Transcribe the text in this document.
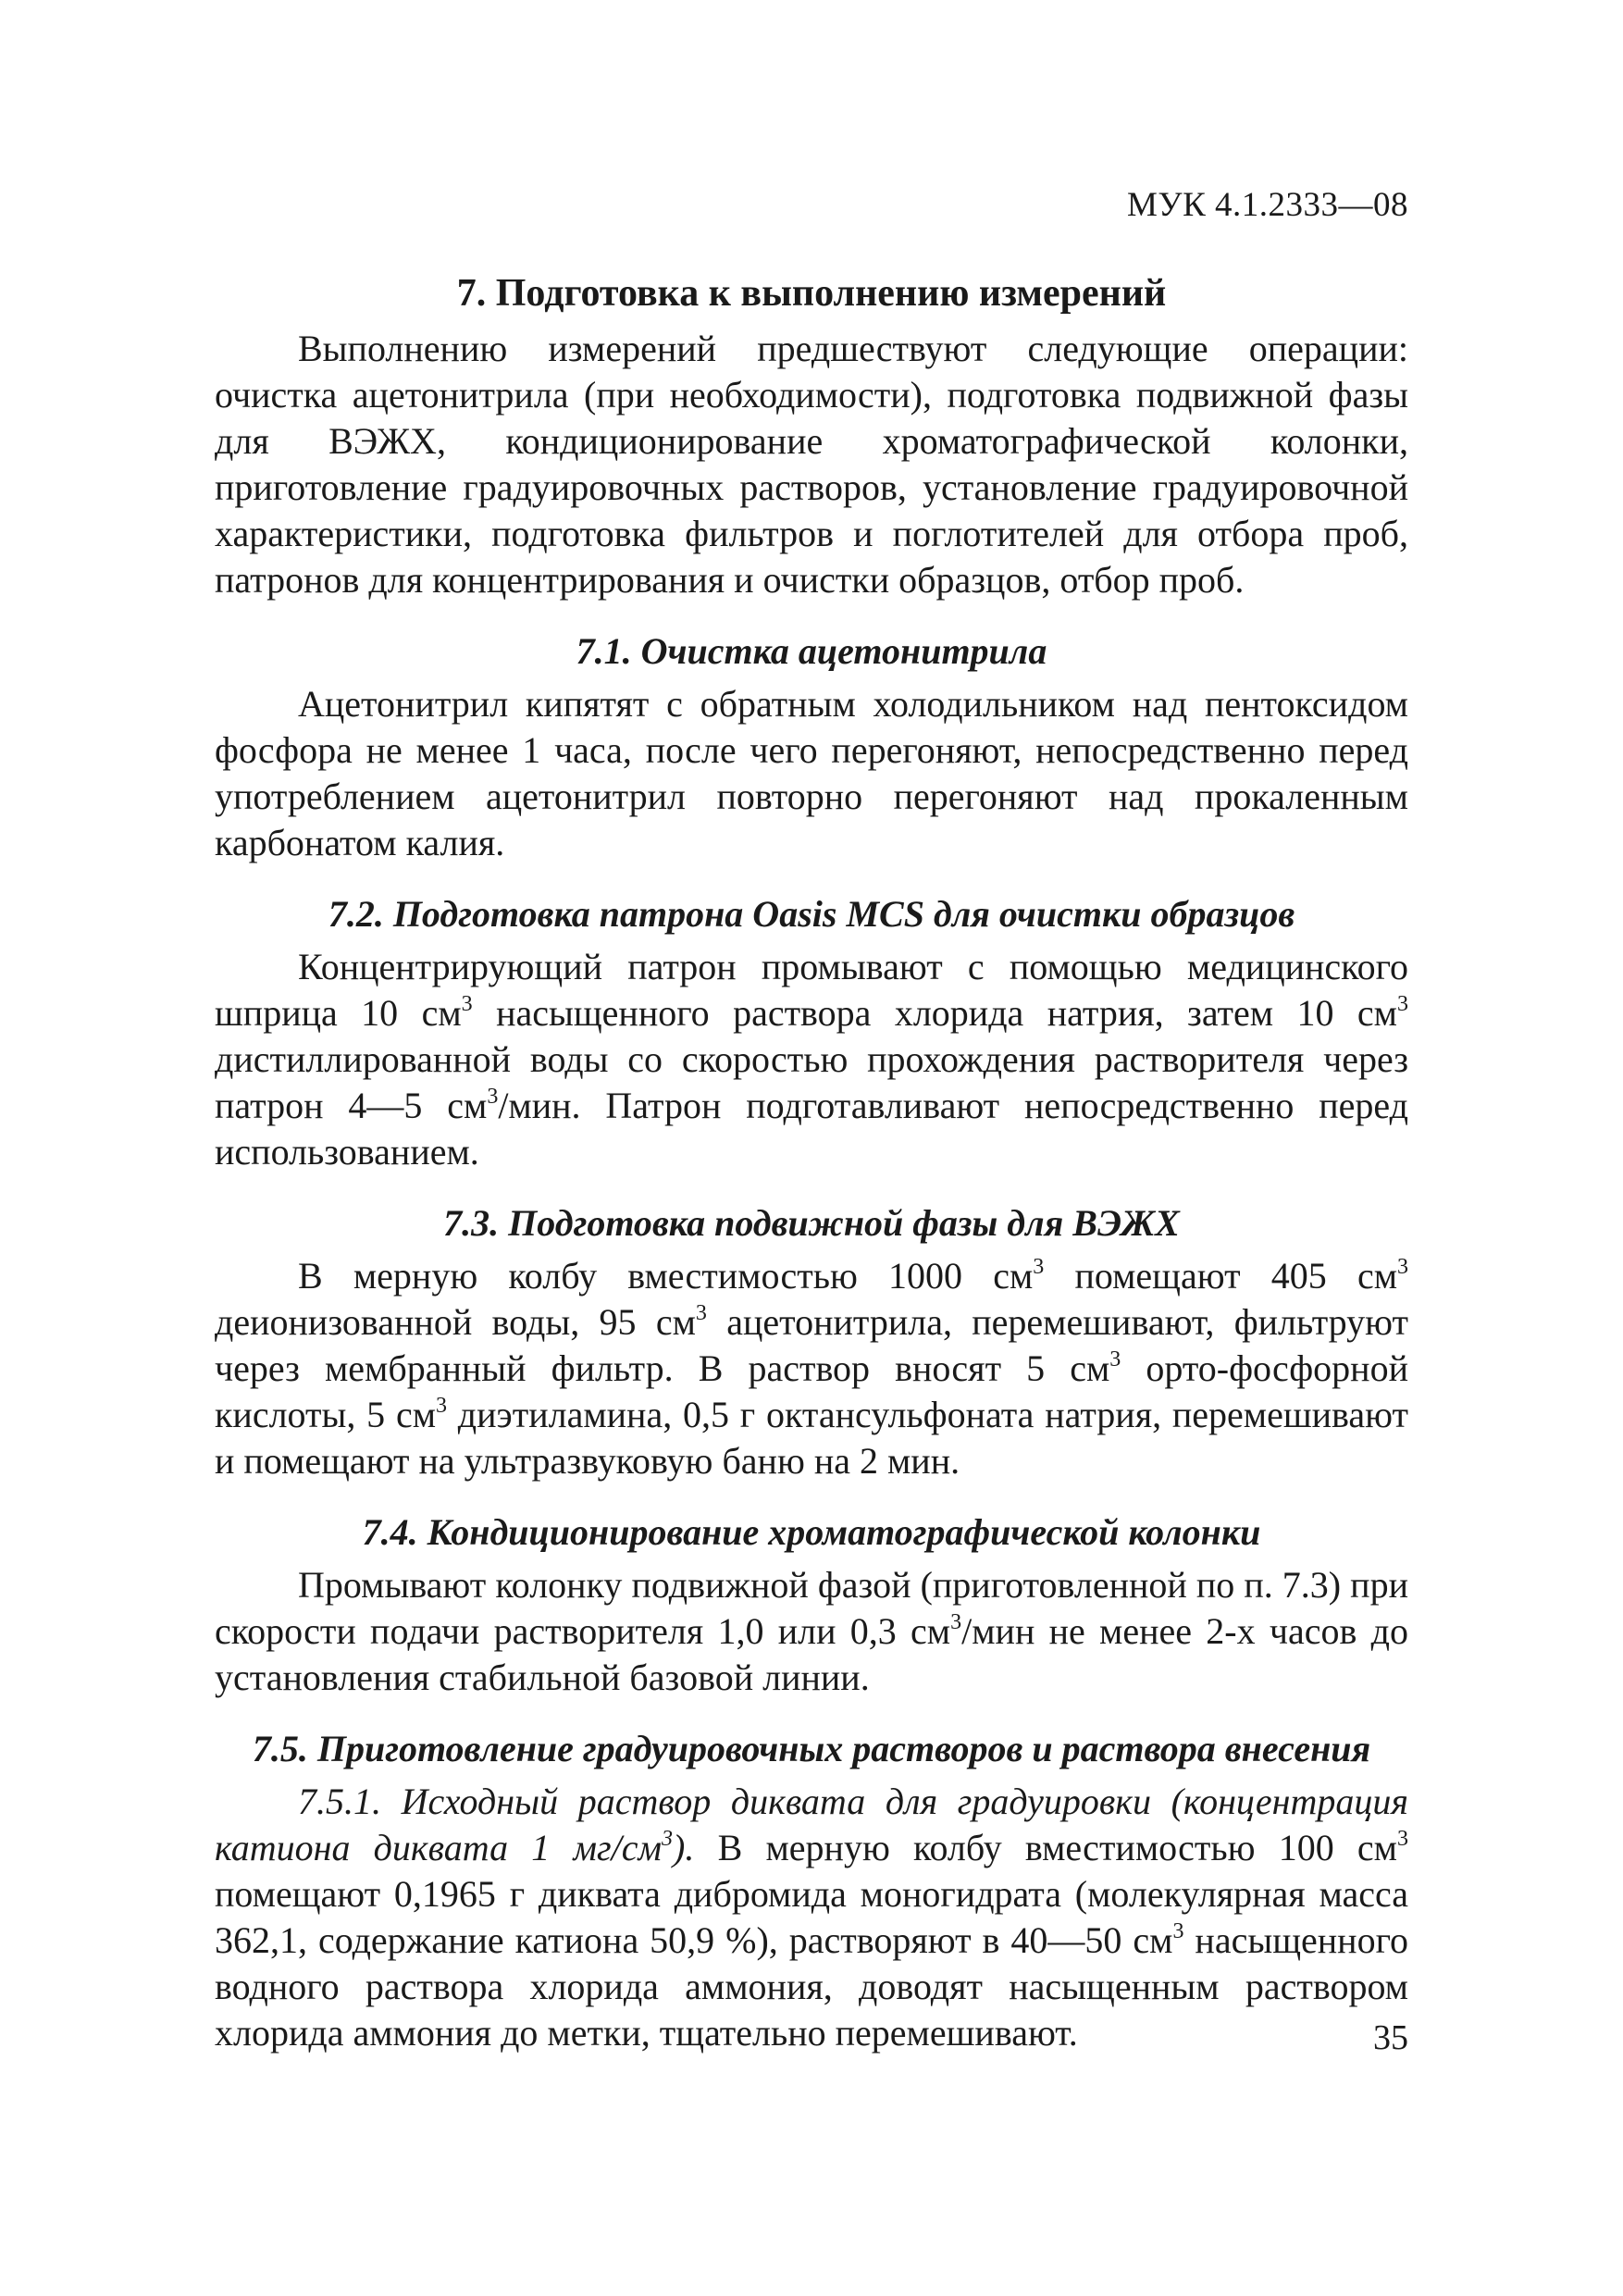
МУК 4.1.2333—08
7. Подготовка к выполнению измерений

Выполнению измерений предшествуют следующие операции: очистка ацетонитрила (при необходимости), подготовка подвижной фазы для ВЭЖХ, кондиционирование хроматографической колонки, приготовление градуировочных растворов, установление градуировочной характеристики, подготовка фильтров и поглотителей для отбора проб, патронов для концентрирования и очистки образцов, отбор проб.

7.1. Очистка ацетонитрила

Ацетонитрил кипятят с обратным холодильником над пентоксидом фосфора не менее 1 часа, после чего перегоняют, непосредственно перед употреблением ацетонитрил повторно перегоняют над прокаленным карбонатом калия.

7.2. Подготовка патрона Oasis MCS для очистки образцов

Концентрирующий патрон промывают с помощью медицинского шприца 10 $см^3$ насыщенного раствора хлорида натрия, затем 10 $см^3$ дистиллированной воды со скоростью прохождения растворителя через патрон 4—5 $см^3$/мин. Патрон подготавливают непосредственно перед использованием.

7.3. Подготовка подвижной фазы для ВЭЖХ

В мерную колбу вместимостью 1000 $см^3$ помещают 405 $см^3$ деионизованной воды, 95 $см^3$ ацетонитрила, перемешивают, фильтруют через мембранный фильтр. В раствор вносят 5 $см^3$ орто-фосфорной кислоты, 5 $см^3$ диэтиламина, 0,5 г октансульфоната натрия, перемешивают и помещают на ультразвуковую баню на 2 мин.

7.4. Кондиционирование хроматографической колонки

Промывают колонку подвижной фазой (приготовленной по п. 7.3) при скорости подачи растворителя 1,0 или 0,3 $см^3$/мин не менее 2-х часов до установления стабильной базовой линии.

7.5. Приготовление градуировочных растворов и раствора внесения

7.5.1. Исходный раствор диквата для градуировки (концентрация катиона диквата 1 $мг/см^3$). В мерную колбу вместимостью 100 $см^3$ помещают 0,1965 г диквата дибромида моногидрата (молекулярная масса 362,1, содержание катиона 50,9 %), растворяют в 40—50 $см^3$ насыщенного водного раствора хлорида аммония, доводят насыщенным раствором хлорида аммония до метки, тщательно перемешивают.	35
